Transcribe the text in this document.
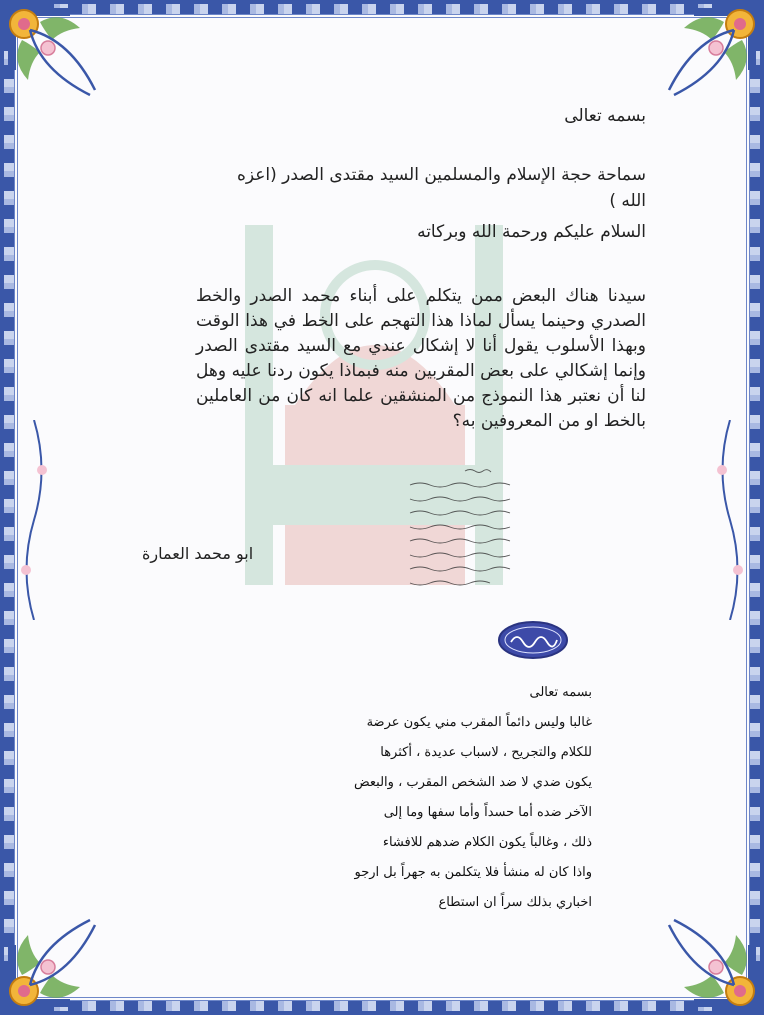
بسمه تعالى
سماحة حجة الإسلام والمسلمين السيد مقتدى الصدر (اعزه
الله )
السلام عليكم ورحمة الله وبركاته
سيدنا هناك البعض ممن يتكلم على أبناء محمد الصدر والخط الصدري وحينما يسأل لماذا هذا التهجم على الخط في هذا الوقت وبهذا الأسلوب يقول أنا لا إشكال عندي مع السيد مقتدى الصدر وإنما إشكالي على بعض المقربين منه فبماذا يكون ردنا عليه وهل لنا أن نعتبر هذا النموذج من المنشقين علما انه كان من العاملين بالخط او من المعروفين به؟
ابو محمد العمارة
بسمه تعالى
غالبا وليس دائماً المقرب مني يكون عرضة
للكلام والتجريح ، لاسباب عديدة ، أكثرها
يكون ضدي لا ضد الشخص المقرب ، والبعض
الآخر ضده أما حسداً وأما سفها وما إلى
ذلك ، وغالباً يكون الكلام ضدهم للافشاء
واذا كان له منشأ فلا يتكلمن به جهراً بل ارجو
اخباري بذلك سراً ان استطاع
